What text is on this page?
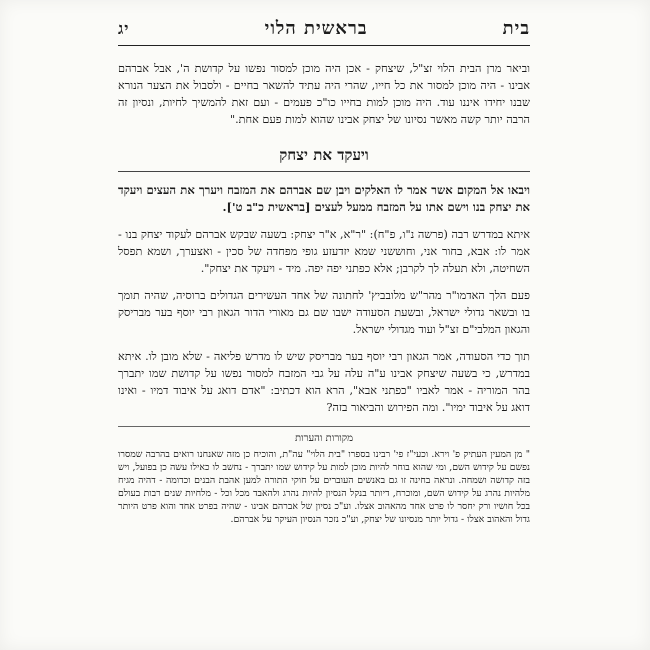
בית
בראשית הלוי
יג

וביאר מרן הבית הלוי זצ"ל, שיצחק - אכן היה מוכן למסור נפשו על קדושת ה', אבל אברהם אבינו - היה מוכן למסור את כל חייו, שהרי היה עתיד להשאר בחיים - ולסבול את הצער הנורא שבנו יחידו איננו עוד. היה מוכן למות בחייו כו"כ פעמים - ועם זאת להמשיך לחיות, ונסיון זה הרבה יותר קשה מאשר נסיונו של יצחק אבינו שהוא למות פעם אחת."

ויעקד את יצחק

ויבאו אל המקום אשר אמר לו האלקים ויבן שם אברהם את המזבח ויערך את העצים ויעקד את יצחק בנו וישם אתו על המזבח ממעל לעצים [בראשית כ"ב ט'].

איתא במדרש רבה (פרשה נ"ו, פ"ח): "ר"א, א"ר יצחק: בשעה שבקש אברהם לעקוד יצחק בנו - אמר לו: אבא, בחור אני, וחוששני שמא יזדעזע גופי מפחדה של סכין - ואצערך, ושמא תפסל השחיטה, ולא תעלה לך לקרבן; אלא כפתני יפה יפה. מיד - ויעקד את יצחק".

פעם הלך האדמו"ר מהר"ש מלובביץ' לחתונה של אחד העשירים הגדולים ברוסיה, שהיה תומך בו ובשאר גדולי ישראל, ובשעת הסעודה ישבו שם גם מאורי הדור הגאון רבי יוסף בער מבריסק והגאון המלבי"ם זצ"ל ועוד מגדולי ישראל.

תוך כדי הסעודה, אמר הגאון רבי יוסף בער מבריסק שיש לו מדרש פליאה - שלא מובן לו. איתא במדרש, כי בשעה שיצחק אבינו ע"ה עלה על גבי המזבח למסור נפשו על קדושת שמו יתברך בהר המוריה - אמר לאביו "כפתני אבא", הרא הוא דכתיב: "אדם דואג על איבוד דמיו - ואינו דואג על איבוד ימיו". ומה הפירוש והביאור בזה?

מקורות והערות

" מן המעין העתיק פ' וירא. וכעי"ז פי' רבינו בספרו "בית הלוי" עה"ת, והוכיח כן מזה שאנחנו רואים בהרבה שמסרו נפשם על קידוש השם, ומי שהוא בוחר להיות מוכן למות על קידוש שמו יתברך - נחשב לו כאילו עשה כן בפועל, ויש בזה קדושה ושמחה. ונראה בחינה זו גם באנשים העוברים על חוקי התורה למען אהבת הבנים וכדומה - דהיה מגיח מלהיות נהרג על קידוש השם, ומוכרח, דיותר בנקל הנסיון להיות נהרג ולהאבד מכל וכל - מלחיות שנים רבות בעולם בכל חושיו ורק יחסר לו פרט אחד מהאהוב אצלו. וע"כ נסיון של אברהם אבינו - שהיה בפרט אחד והוא פרט היותר גדול והאהוב אצלו - גדול יותר מנסיונו של יצחק, וע"כ נזכר הנסיון העיקר על אברהם.
